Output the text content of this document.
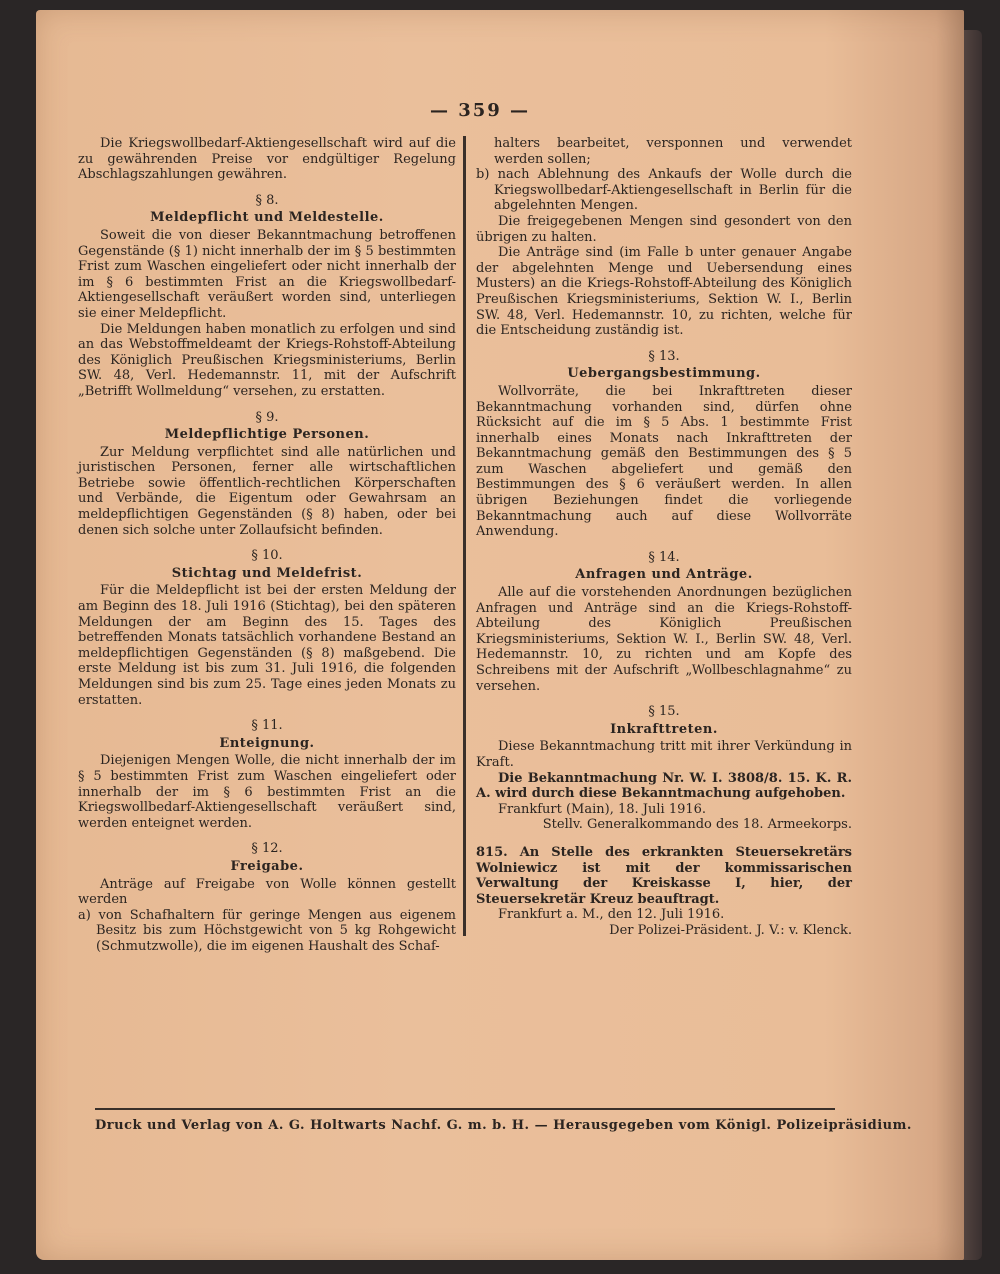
— 359 —

Die Kriegswollbedarf-Aktiengesellschaft wird auf die zu gewährenden Preise vor endgültiger Regelung Abschlagszahlungen gewähren.

§ 8.
Meldepflicht und Meldestelle.

Soweit die von dieser Bekanntmachung betroffenen Gegenstände (§ 1) nicht innerhalb der im § 5 bestimmten Frist zum Waschen eingeliefert oder nicht innerhalb der im § 6 bestimmten Frist an die Kriegswollbedarf-Aktiengesellschaft veräußert worden sind, unterliegen sie einer Meldepflicht.

Die Meldungen haben monatlich zu erfolgen und sind an das Webstoffmeldeamt der Kriegs-Rohstoff-Abteilung des Königlich Preußischen Kriegsministeriums, Berlin SW. 48, Verl. Hedemannstr. 11, mit der Aufschrift „Betrifft Wollmeldung“ versehen, zu erstatten.

§ 9.
Meldepflichtige Personen.

Zur Meldung verpflichtet sind alle natürlichen und juristischen Personen, ferner alle wirtschaftlichen Betriebe sowie öffentlich-rechtlichen Körperschaften und Verbände, die Eigentum oder Gewahrsam an meldepflichtigen Gegenständen (§ 8) haben, oder bei denen sich solche unter Zollaufsicht befinden.

§ 10.
Stichtag und Meldefrist.

Für die Meldepflicht ist bei der ersten Meldung der am Beginn des 18. Juli 1916 (Stichtag), bei den späteren Meldungen der am Beginn des 15. Tages des betreffenden Monats tatsächlich vorhandene Bestand an meldepflichtigen Gegenständen (§ 8) maßgebend. Die erste Meldung ist bis zum 31. Juli 1916, die folgenden Meldungen sind bis zum 25. Tage eines jeden Monats zu erstatten.

§ 11.
Enteignung.

Diejenigen Mengen Wolle, die nicht innerhalb der im § 5 bestimmten Frist zum Waschen eingeliefert oder innerhalb der im § 6 bestimmten Frist an die Kriegswollbedarf-Aktiengesellschaft veräußert sind, werden enteignet werden.

§ 12.
Freigabe.

Anträge auf Freigabe von Wolle können gestellt werden

a) von Schafhaltern für geringe Mengen aus eigenem Besitz bis zum Höchstgewicht von 5 kg Rohgewicht (Schmutzwolle), die im eigenen Haushalt des Schaf-

halters bearbeitet, versponnen und verwendet werden sollen;

b) nach Ablehnung des Ankaufs der Wolle durch die Kriegswollbedarf-Aktiengesellschaft in Berlin für die abgelehnten Mengen.

Die freigegebenen Mengen sind gesondert von den übrigen zu halten.

Die Anträge sind (im Falle b unter genauer Angabe der abgelehnten Menge und Uebersendung eines Musters) an die Kriegs-Rohstoff-Abteilung des Königlich Preußischen Kriegsministeriums, Sektion W. I., Berlin SW. 48, Verl. Hedemannstr. 10, zu richten, welche für die Entscheidung zuständig ist.

§ 13.
Uebergangsbestimmung.

Wollvorräte, die bei Inkrafttreten dieser Bekanntmachung vorhanden sind, dürfen ohne Rücksicht auf die im § 5 Abs. 1 bestimmte Frist innerhalb eines Monats nach Inkrafttreten der Bekanntmachung gemäß den Bestimmungen des § 5 zum Waschen abgeliefert und gemäß den Bestimmungen des § 6 veräußert werden. In allen übrigen Beziehungen findet die vorliegende Bekanntmachung auch auf diese Wollvorräte Anwendung.

§ 14.
Anfragen und Anträge.

Alle auf die vorstehenden Anordnungen bezüglichen Anfragen und Anträge sind an die Kriegs-Rohstoff-Abteilung des Königlich Preußischen Kriegsministeriums, Sektion W. I., Berlin SW. 48, Verl. Hedemannstr. 10, zu richten und am Kopfe des Schreibens mit der Aufschrift „Wollbeschlagnahme“ zu versehen.

§ 15.
Inkrafttreten.

Diese Bekanntmachung tritt mit ihrer Verkündung in Kraft.

Die Bekanntmachung Nr. W. I. 3808/8. 15. K. R. A. wird durch diese Bekanntmachung aufgehoben.

Frankfurt (Main), 18. Juli 1916.

Stellv. Generalkommando des 18. Armeekorps.

815. An Stelle des erkrankten Steuersekretärs Wolniewicz ist mit der kommissarischen Verwaltung der Kreiskasse I, hier, der Steuersekretär Kreuz beauftragt.

Frankfurt a. M., den 12. Juli 1916.

Der Polizei-Präsident. J. V.: v. Klenck.

Druck und Verlag von A. G. Holtwarts Nachf. G. m. b. H. — Herausgegeben vom Königl. Polizeipräsidium.
